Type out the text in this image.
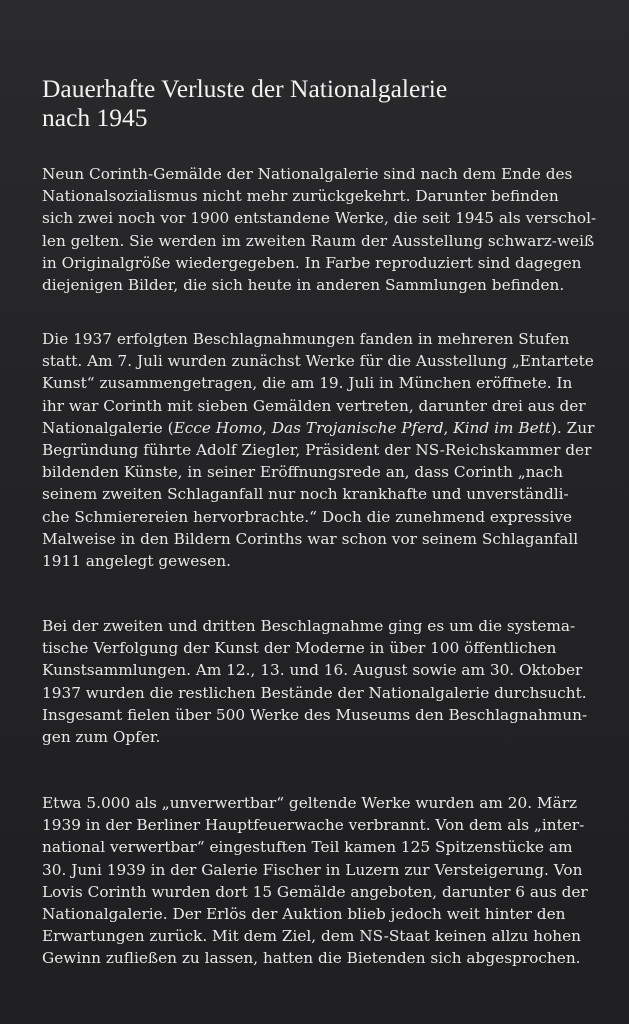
Dauerhafte Verluste der Nationalgalerie
nach 1945

Neun Corinth-Gemälde der Nationalgalerie sind nach dem Ende des
Nationalsozialismus nicht mehr zurückgekehrt. Darunter befinden
sich zwei noch vor 1900 entstandene Werke, die seit 1945 als verschol-
len gelten. Sie werden im zweiten Raum der Ausstellung schwarz-weiß
in Originalgröße wiedergegeben. In Farbe reproduziert sind dagegen
diejenigen Bilder, die sich heute in anderen Sammlungen befinden.

Die 1937 erfolgten Beschlagnahmungen fanden in mehreren Stufen
statt. Am 7. Juli wurden zunächst Werke für die Ausstellung „Entartete
Kunst“ zusammengetragen, die am 19. Juli in München eröffnete. In
ihr war Corinth mit sieben Gemälden vertreten, darunter drei aus der
Nationalgalerie (Ecce Homo, Das Trojanische Pferd, Kind im Bett). Zur
Begründung führte Adolf Ziegler, Präsident der NS-Reichskammer der
bildenden Künste, in seiner Eröffnungsrede an, dass Corinth „nach
seinem zweiten Schlaganfall nur noch krankhafte und unverständli-
che Schmierereien hervorbrachte.“ Doch die zunehmend expressive
Malweise in den Bildern Corinths war schon vor seinem Schlaganfall
1911 angelegt gewesen.

Bei der zweiten und dritten Beschlagnahme ging es um die systema-
tische Verfolgung der Kunst der Moderne in über 100 öffentlichen
Kunstsammlungen. Am 12., 13. und 16. August sowie am 30. Oktober
1937 wurden die restlichen Bestände der Nationalgalerie durchsucht.
Insgesamt fielen über 500 Werke des Museums den Beschlagnahmun-
gen zum Opfer.

Etwa 5.000 als „unverwertbar“ geltende Werke wurden am 20. März
1939 in der Berliner Hauptfeuerwache verbrannt. Von dem als „inter-
national verwertbar“ eingestuften Teil kamen 125 Spitzenstücke am
30. Juni 1939 in der Galerie Fischer in Luzern zur Versteigerung. Von
Lovis Corinth wurden dort 15 Gemälde angeboten, darunter 6 aus der
Nationalgalerie. Der Erlös der Auktion blieb jedoch weit hinter den
Erwartungen zurück. Mit dem Ziel, dem NS-Staat keinen allzu hohen
Gewinn zufließen zu lassen, hatten die Bietenden sich abgesprochen.
